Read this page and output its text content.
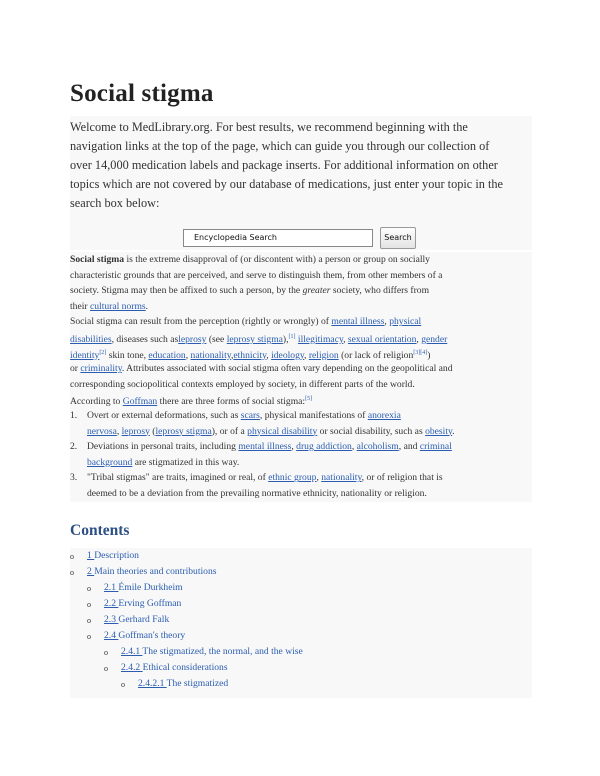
Social stigma
Welcome to MedLibrary.org. For best results, we recommend beginning with the
navigation links at the top of the page, which can guide you through our collection of
over 14,000 medication labels and package inserts. For additional information on other
topics which are not covered by our database of medications, just enter your topic in the
search box below:
Encyclopedia Search	Search
Social stigma is the extreme disapproval of (or discontent with) a person or group on socially
characteristic grounds that are perceived, and serve to distinguish them, from other members of a
society. Stigma may then be affixed to such a person, by the greater society, who differs from
their cultural norms.
Social stigma can result from the perception (rightly or wrongly) of mental illness, physical
disabilities, diseases such asleprosy (see leprosy stigma),[1] illegitimacy, sexual orientation, gender
identity[2] skin tone, education, nationality,ethnicity, ideology, religion (or lack of religion[3][4])
or criminality. Attributes associated with social stigma often vary depending on the geopolitical and
corresponding sociopolitical contexts employed by society, in different parts of the world.
According to Goffman there are three forms of social stigma:[5]
1. Overt or external deformations, such as scars, physical manifestations of anorexia
nervosa, leprosy (leprosy stigma), or of a physical disability or social disability, such as obesity.
2. Deviations in personal traits, including mental illness, drug addiction, alcoholism, and criminal
background are stigmatized in this way.
3. "Tribal stigmas" are traits, imagined or real, of ethnic group, nationality, or of religion that is
deemed to be a deviation from the prevailing normative ethnicity, nationality or religion.
Contents
o 1 Description
o 2 Main theories and contributions
o 2.1 Émile Durkheim
o 2.2 Erving Goffman
o 2.3 Gerhard Falk
o 2.4 Goffman's theory
o 2.4.1 The stigmatized, the normal, and the wise
o 2.4.2 Ethical considerations
o 2.4.2.1 The stigmatized
